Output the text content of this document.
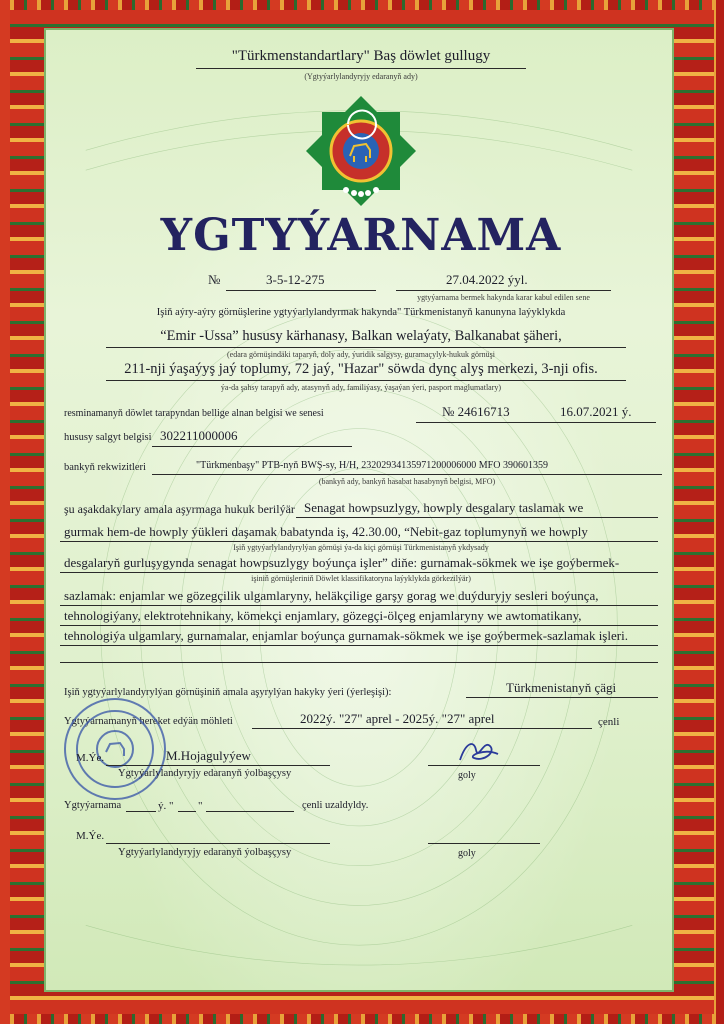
"Türkmenstandartlary" Baş döwlet gullugy
(Ygtyýarlylandyryjy edaranyň ady)
YGTYÝARNAMA
№	3-5-12-275	27.04.2022 ýyl.
ygtyýarnama bermek hakynda karar kabul edilen sene
Işiň aýry-aýry görnüşlerine ygtyýarlylandyrmak hakynda" Türkmenistanyň kanunyna laýyklykda
“Emir -Ussa” hususy kärhanasy, Balkan welaýaty, Balkanabat şäheri,
(edara görnüşindäki taparyň, doly ady, ýuridik salgysy, guramaçylyk-hukuk görnüşi
211-nji ýaşaýyş jaý toplumy, 72 jaý, "Hazar" söwda dynç alyş merkezi, 3-nji ofis.
ýa-da şahsy tarapyň ady, atasynyň ady, familiýasy, ýaşaýan ýeri, pasport maglumatlary)
resminamanyň döwlet tarapyndan bellige alnan belgisi we senesi	№ 24616713	16.07.2021 ý.
hususy salgyt belgisi 302211000006
bankyň rekwizitleri	"Türkmenbaşy" PTB-nyň BWŞ-sy, H/H, 23202934135971200006000 MFO 390601359
(bankyň ady, bankyň hasabat hasabynyň belgisi, MFO)
şu aşakdakylary amala aşyrmaga hukuk berilýär Senagat howpsuzlygy, howply desgalary taslamak we
gurmak hem-de howply ýükleri daşamak babatynda iş, 42.30.00, “Nebit-gaz toplumynyň we howply
Işiň ygtyýarlylandyrylýan görnüşi ýa-da kiçi görnüşi Türkmenistanyň ykdysady
desgalaryň gurluşygynda senagat howpsuzlygy boýunça işler” diňe: gurnamak-sökmek we işe goýbermek-
işiniň görnüşleriniň Döwlet klassifikatoryna laýyklykda görkezilýär)
sazlamak: enjamlar we gözegçilik ulgamlaryny, heläkçilige garşy gorag we duýduryjy sesleri boýunça,
tehnologiýany, elektrotehnikany, kömekçi enjamlary, gözegçi-ölçeg enjamlaryny we awtomatikany,
tehnologiýa ulgamlary, gurnamalar, enjamlar boýunça gurnamak-sökmek we işe goýbermek-sazlamak işleri.
Işiň ygtyýarlylandyrylýan görnüşiniň amala aşyrylýan hakyky ýeri (ýerleşişi):	Türkmenistanyň çägi
Ygtyýarnamanyň hereket edýän möhleti	2022ý. "27" aprel - 2025ý. "27" aprel	çenli
M.Ýe.	M.Hojagulyýew
Ygtyýarlylandyryjy edaranyň ýolbaşçysy	goly
Ygtyýarnama	ý. " "	çenli uzaldyldy.
M.Ýe.
Ygtyýarlylandyryjy edaranyň ýolbaşçysy	goly
